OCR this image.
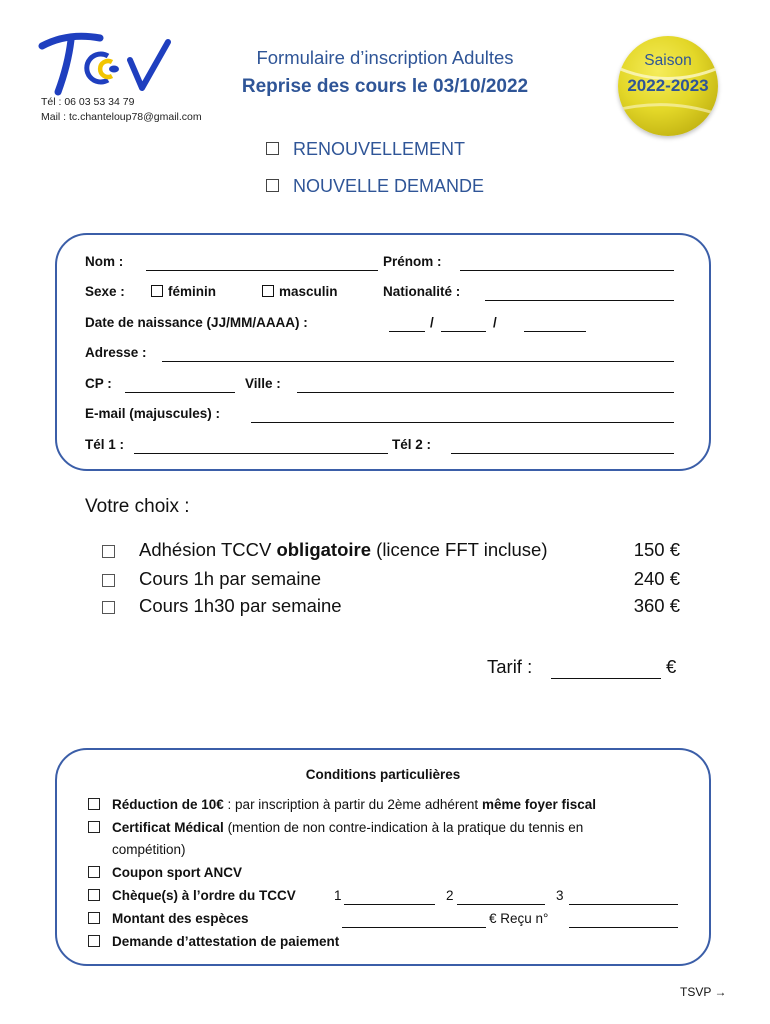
Tél : 06 03 53 34 79
Mail : tc.chanteloup78@gmail.com
Formulaire d’inscription Adultes
Reprise des cours le 03/10/2022
Saison
2022-2023
RENOUVELLEMENT
NOUVELLE DEMANDE
Nom :	Prénom :
Sexe :	féminin	masculin	Nationalité :
Date de naissance (JJ/MM/AAAA) :	/	/
Adresse :
CP :	Ville :
E-mail (majuscules) :
Tél 1 :	Tél 2 :
Votre choix :
Adhésion TCCV obligatoire (licence FFT incluse)	150 €
Cours 1h par semaine	240 €
Cours 1h30 par semaine	360 €
Tarif :	€
Conditions particulières
Réduction de 10€ : par inscription à partir du 2ème adhérent même foyer fiscal
Certificat Médical (mention de non contre-indication à la pratique du tennis en
compétition)
Coupon sport ANCV
Chèque(s) à l’ordre du TCCV	1	2	3
Montant des espèces	€ Reçu n°
Demande d’attestation de paiement
TSVP →
